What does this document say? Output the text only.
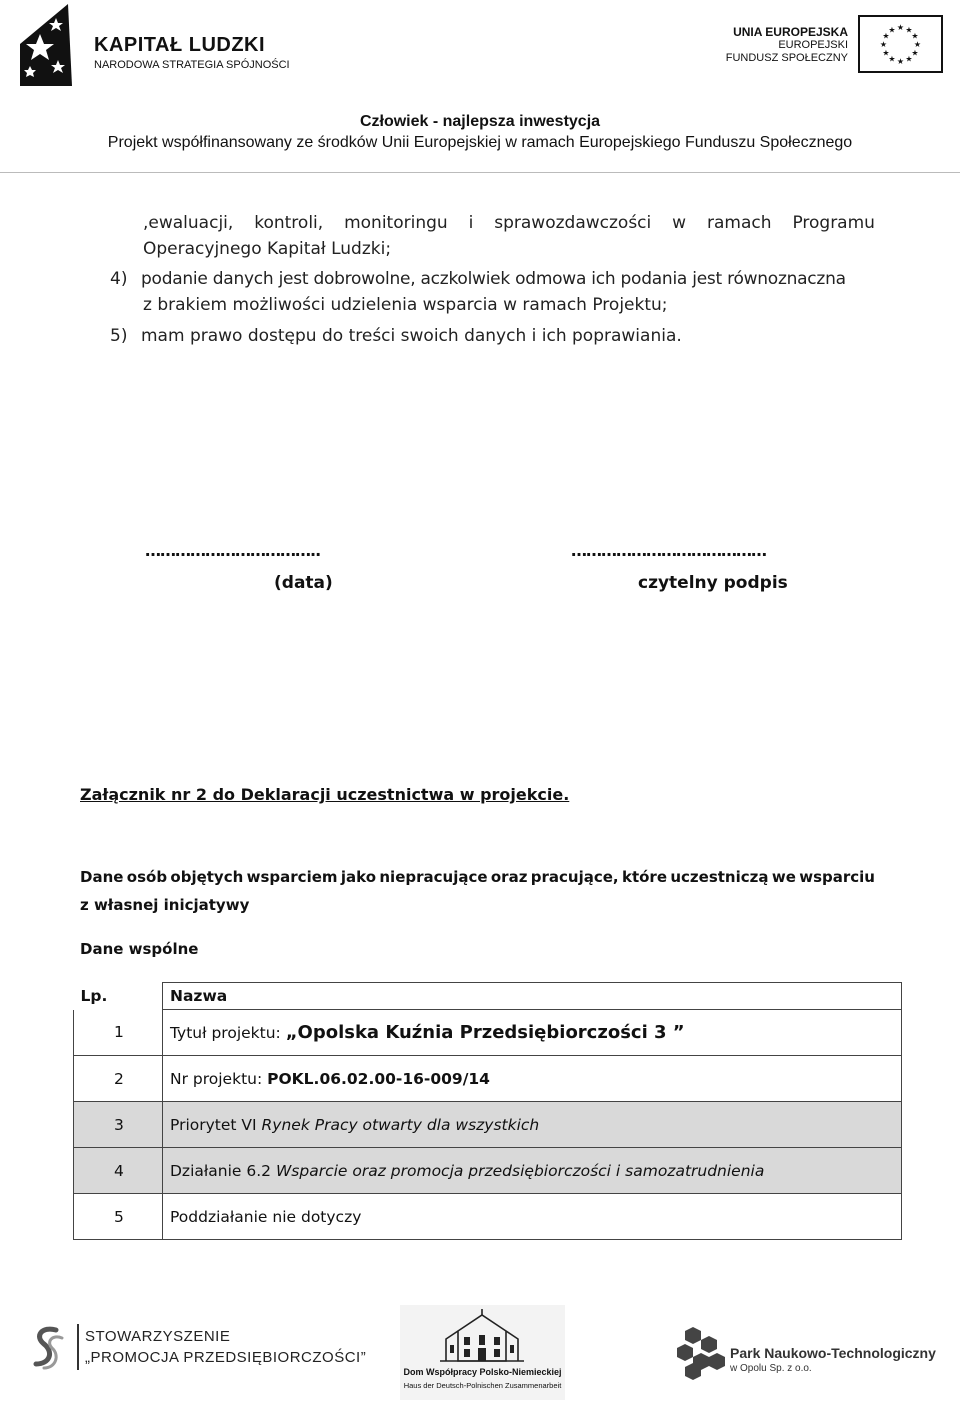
KAPITAŁ LUDZKI
NARODOWA STRATEGIA SPÓJNOŚCI
UNIA EUROPEJSKA
EUROPEJSKI
FUNDUSZ SPOŁECZNY
★ ★
★
★
★
★
★
★
★
★
★
★
Człowiek - najlepsza inwestycja
Projekt współfinansowany ze środków Unii Europejskiej w ramach Europejskiego Funduszu Społecznego
,ewaluacji, kontroli, monitoringu i sprawozdawczości w ramach Programu
Operacyjnego Kapitał Ludzki;
4) podanie danych jest dobrowolne, aczkolwiek odmowa ich podania jest równoznaczna
z brakiem możliwości udzielenia wsparcia w ramach Projektu;
5) mam prawo dostępu do treści swoich danych i ich poprawiania.
……………………………..
(data)
…………………………………
czytelny podpis
Załącznik nr 2 do Deklaracji uczestnictwa w projekcie.
Dane osób objętych wsparciem jako niepracujące oraz pracujące, które uczestniczą we wsparciu
z własnej inicjatywy
Dane wspólne
Lp.	Nazwa
1	Tytuł projektu: „Opolska Kuźnia Przedsiębiorczości 3 ”
2	Nr projektu: POKL.06.02.00-16-009/14
3	Priorytet VI Rynek Pracy otwarty dla wszystkich
4	Działanie 6.2 Wsparcie oraz promocja przedsiębiorczości i samozatrudnienia
5	Poddziałanie nie dotyczy
STOWARZYSZENIE
„PROMOCJA PRZEDSIĘBIORCZOŚCI”
Dom Współpracy Polsko-Niemieckiej
Haus der Deutsch-Polnischen Zusammenarbeit
Park Naukowo-Technologiczny
w Opolu Sp. z o.o.
